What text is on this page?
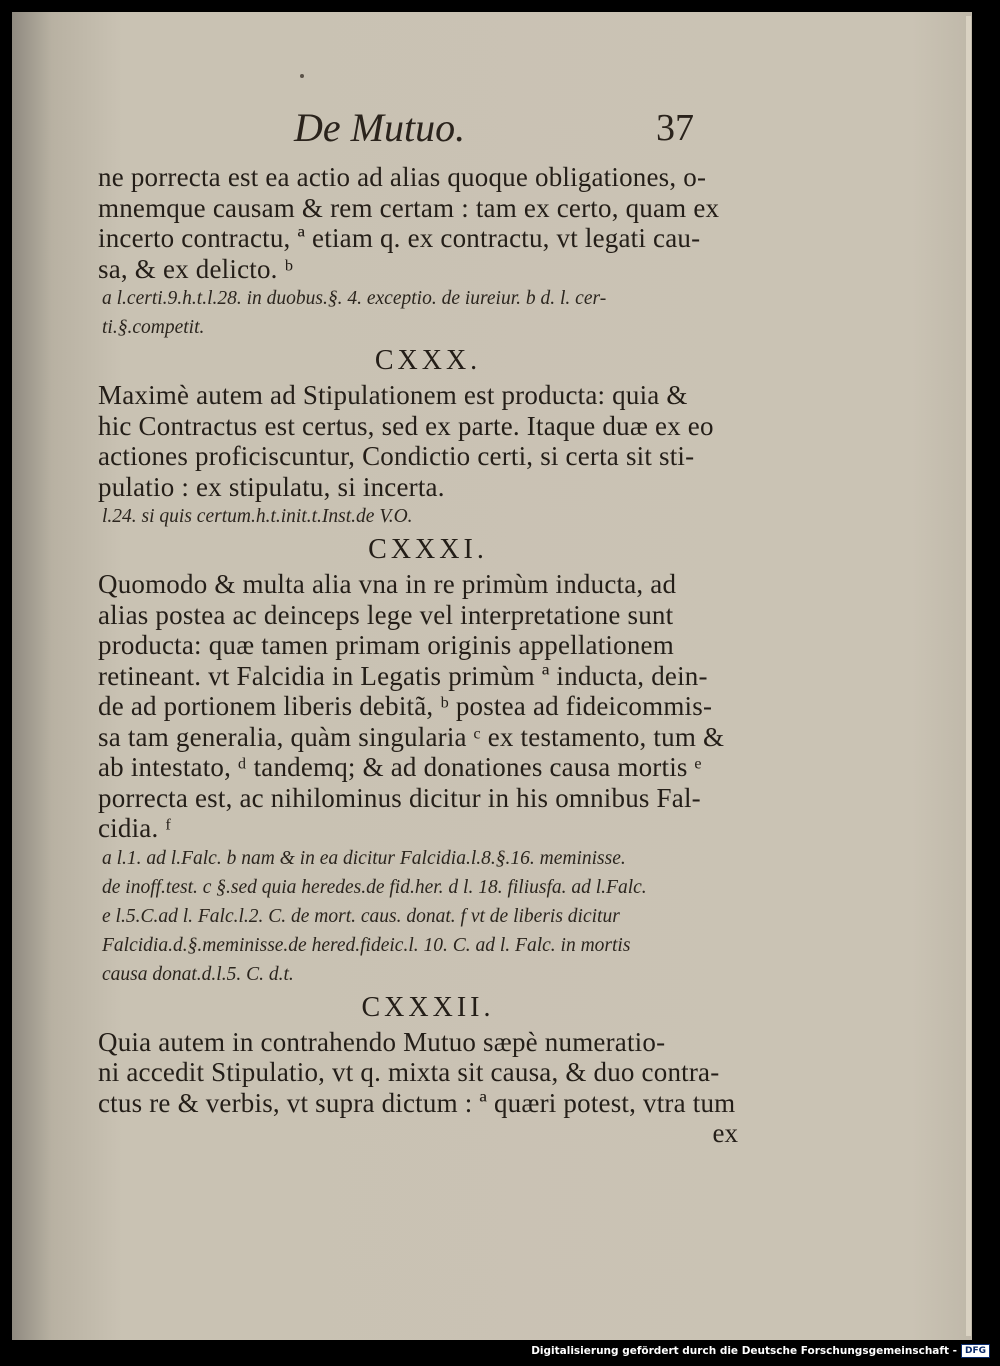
De Mutuo.	37

ne porrecta est ea actio ad alias quoque obligationes, o-
mnemque causam & rem certam : tam ex certo, quam ex
incerto contractu, ª etiam q. ex contractu, vt legati cau-
sa, & ex delicto. ᵇ

a l.certi.9.h.t.l.28. in duobus.§. 4. exceptio. de iureiur. b d. l. cer-
ti.§.competit.

CXXX.

Maximè autem ad Stipulationem est producta: quia &
hic Contractus est certus, sed ex parte. Itaque duæ ex eo
actiones proficiscuntur, Condictio certi, si certa sit sti-
pulatio : ex stipulatu, si incerta.

l.24. si quis certum.h.t.init.t.Inst.de V.O.

CXXXI.

Quomodo & multa alia vna in re primùm inducta, ad
alias postea ac deinceps lege vel interpretatione sunt
producta: quæ tamen primam originis appellationem
retineant. vt Falcidia in Legatis primùm ª inducta, dein-
de ad portionem liberis debitã, ᵇ postea ad fideicommis-
sa tam generalia, quàm singularia ᶜ ex testamento, tum &
ab intestato, ᵈ tandemq; & ad donationes causa mortis ᵉ
porrecta est, ac nihilominus dicitur in his omnibus Fal-
cidia. ᶠ

a l.1. ad l.Falc. b nam & in ea dicitur Falcidia.l.8.§.16. meminisse.
de inoff.test. c §.sed quia heredes.de fid.her. d l. 18. filiusfa. ad l.Falc.
e l.5.C.ad l. Falc.l.2. C. de mort. caus. donat. f vt de liberis dicitur
Falcidia.d.§.meminisse.de hered.fideic.l. 10. C. ad l. Falc. in mortis
causa donat.d.l.5. C. d.t.

CXXXII.

Quia autem in contrahendo Mutuo sæpè numeratio-
ni accedit Stipulatio, vt q. mixta sit causa, & duo contra-
ctus re & verbis, vt supra dictum : ª quæri potest, vtra tum

ex

Digitalisierung gefördert durch die Deutsche Forschungsgemeinschaft - DFG
